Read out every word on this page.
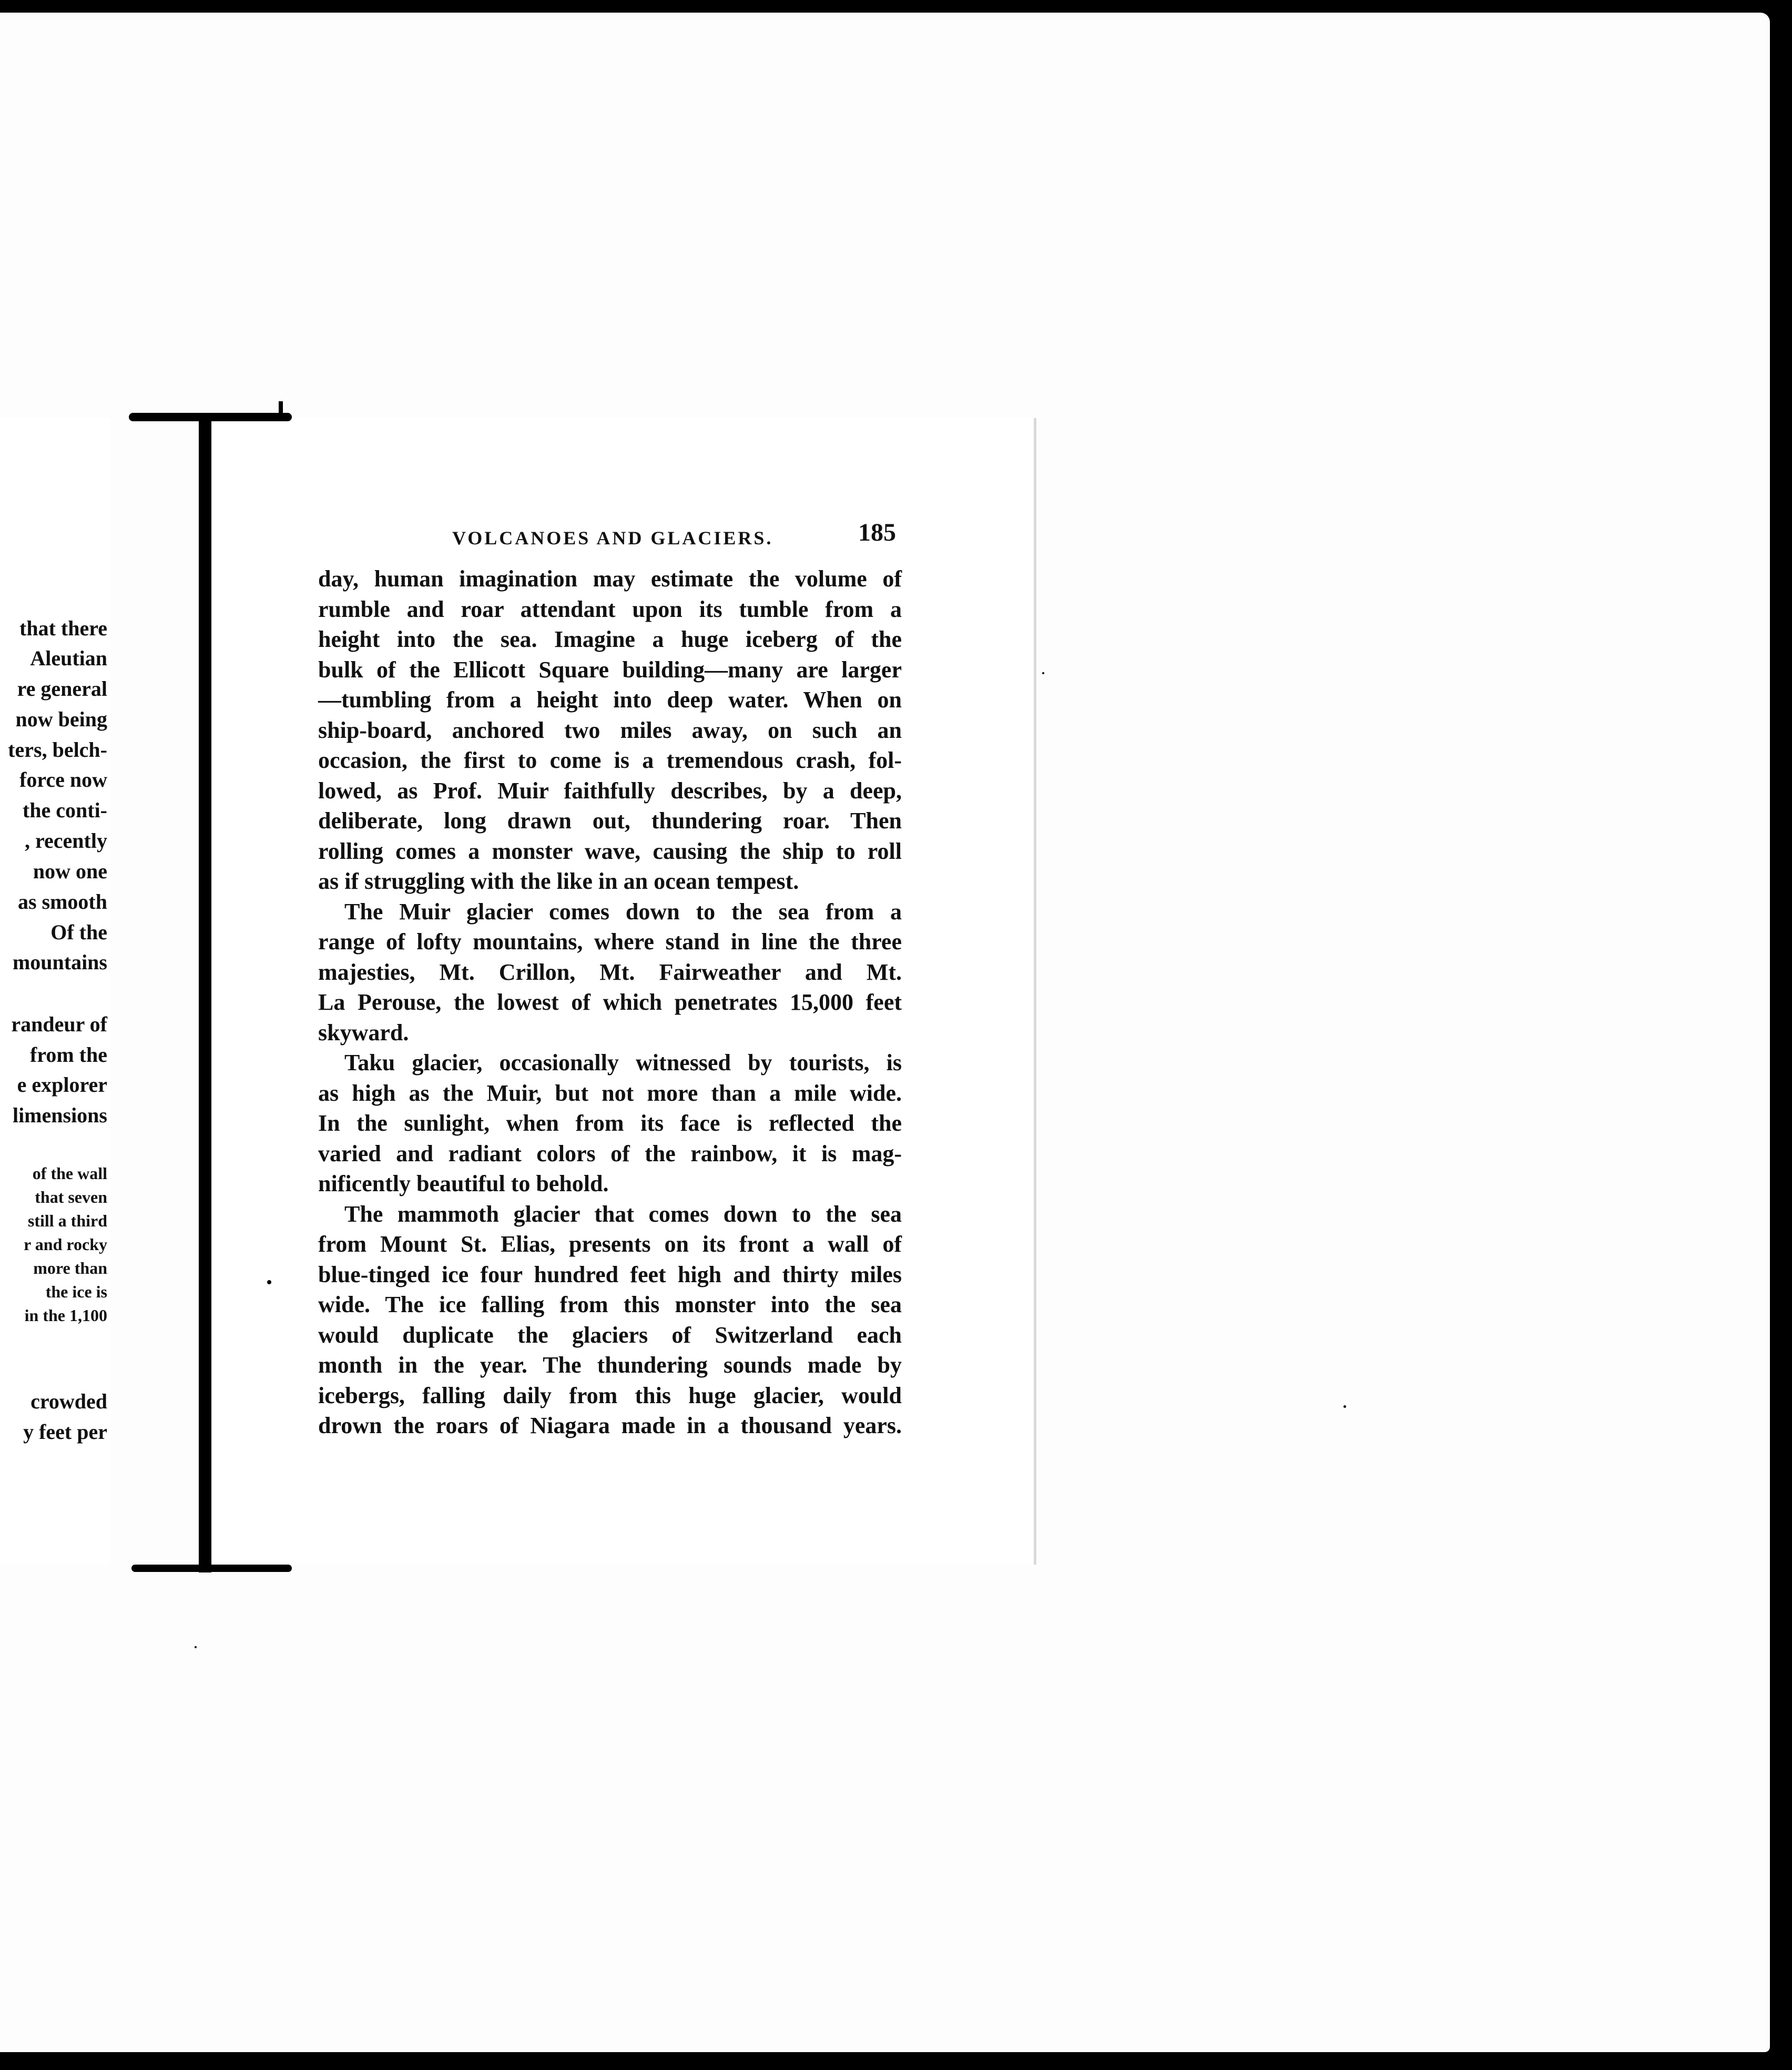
that there
Aleutian
re general
now being
ters, belch-
force now
the conti-
, recently
now one
as smooth
Of the
mountains
randeur of
from the
e explorer
limensions
of the wall
that seven
still a third
r and rocky
more than
the ice is
in the 1,100
crowded
y feet per
VOLCANOES AND GLACIERS.	185
day, human imagination may estimate the volume of
rumble and roar attendant upon its tumble from a
height into the sea. Imagine a huge iceberg of the
bulk of the Ellicott Square building—many are larger
—tumbling from a height into deep water. When on
ship-board, anchored two miles away, on such an
occasion, the first to come is a tremendous crash, fol-
lowed, as Prof. Muir faithfully describes, by a deep,
deliberate, long drawn out, thundering roar. Then
rolling comes a monster wave, causing the ship to roll
as if struggling with the like in an ocean tempest.
The Muir glacier comes down to the sea from a
range of lofty mountains, where stand in line the three
majesties, Mt. Crillon, Mt. Fairweather and Mt.
La Perouse, the lowest of which penetrates 15,000 feet
skyward.
Taku glacier, occasionally witnessed by tourists, is
as high as the Muir, but not more than a mile wide.
In the sunlight, when from its face is reflected the
varied and radiant colors of the rainbow, it is mag-
nificently beautiful to behold.
The mammoth glacier that comes down to the sea
from Mount St. Elias, presents on its front a wall of
blue-tinged ice four hundred feet high and thirty miles
wide. The ice falling from this monster into the sea
would duplicate the glaciers of Switzerland each
month in the year. The thundering sounds made by
icebergs, falling daily from this huge glacier, would
drown the roars of Niagara made in a thousand years.
